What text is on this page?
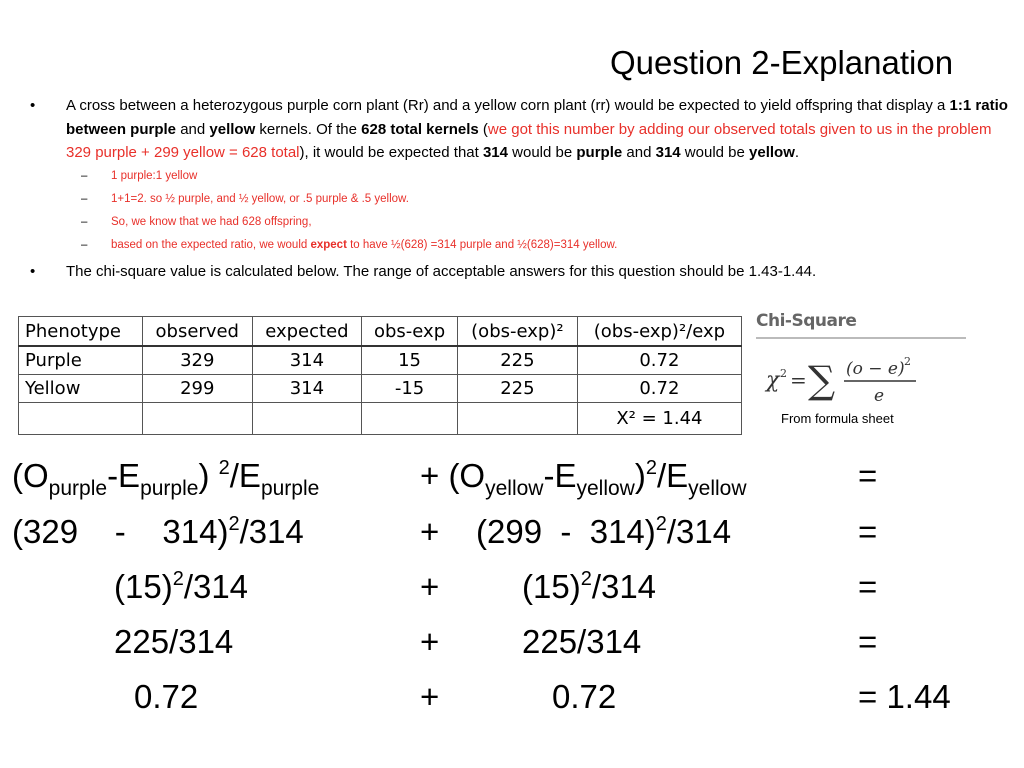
Question 2-Explanation
• A cross between a heterozygous purple corn plant (Rr) and a yellow corn plant (rr) would be expected to yield offspring that display a 1:1 ratio between purple and yellow kernels. Of the 628 total kernels (we got this number by adding our observed totals given to us in the problem 329 purple + 299 yellow = 628 total), it would be expected that 314 would be purple and 314 would be yellow.
– 1 purple:1 yellow
– 1+1=2. so ½ purple, and ½ yellow, or .5 purple & .5 yellow.
– So, we know that we had 628 offspring,
– based on the expected ratio, we would expect to have ½(628) =314 purple and ½(628)=314 yellow.
• The chi-square value is calculated below. The range of acceptable answers for this question should be 1.43-1.44.
Phenotype	observed	expected	obs-exp	(obs-exp)²	(obs-exp)²/exp
Purple	329	314	15	225	0.72
Yellow	299	314	-15	225	0.72
					X² = 1.44
Chi-Square
χ 2 = ∑ (o − e) 2
e
From formula sheet
$(O_{purple}-E_{purple})$ $^2/E_{purple}$	+ $(O_{yellow}-E_{yellow})^2/E_{yellow}$	=
(329    -    314)$^2$/314	+ (299  -  314)$^2$/314	=
$(15)^2/314$	+	$(15)^2/314$	=
225/314	+	225/314	=
0.72	+	0.72	= 1.44
